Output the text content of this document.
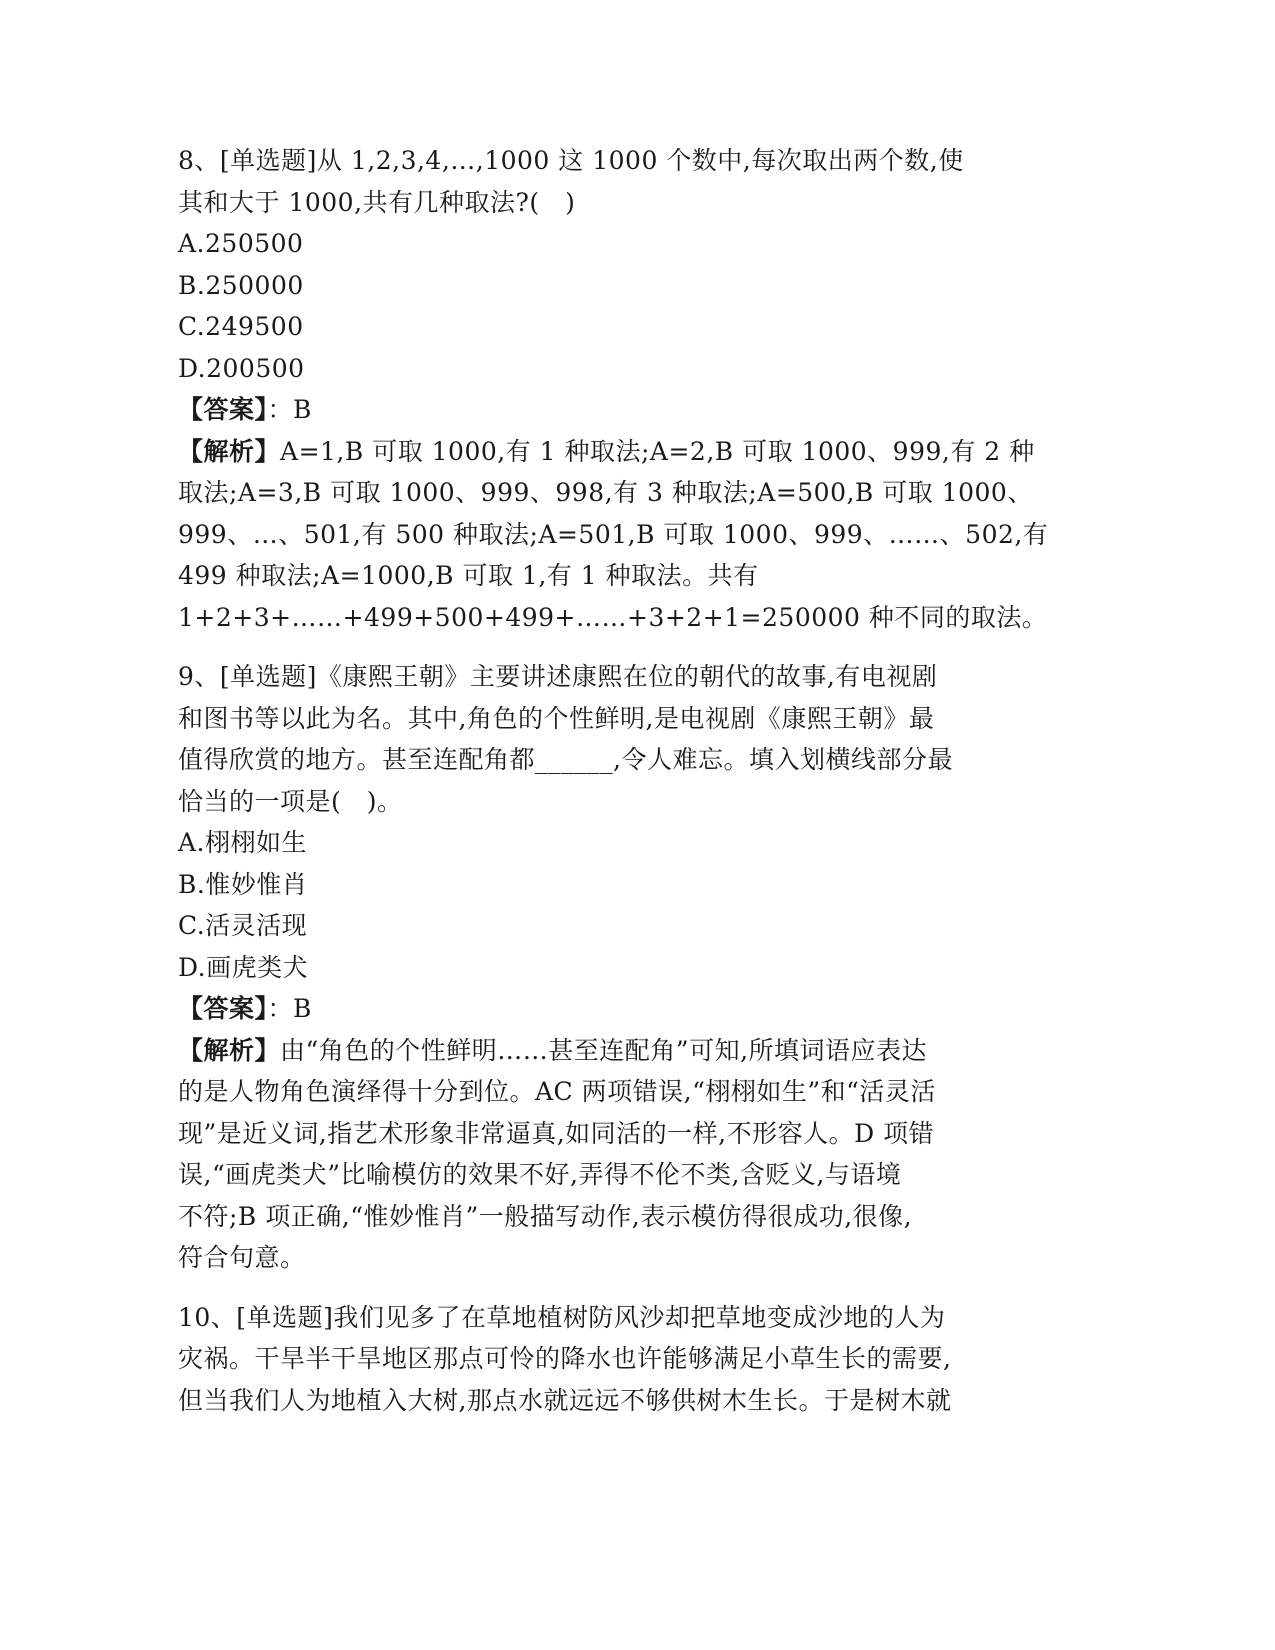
8、[单选题]从 1,2,3,4,…,1000 这 1000 个数中,每次取出两个数,使
其和大于 1000,共有几种取法?(　)
A.250500
B.250000
C.249500
D.200500
【答案】：B
【解析】A=1,B 可取 1000,有 1 种取法;A=2,B 可取 1000、999,有 2 种
取法;A=3,B 可取 1000、999、998,有 3 种取法;A=500,B 可取 1000、
999、…、501,有 500 种取法;A=501,B 可取 1000、999、……、502,有
499 种取法;A=1000,B 可取 1,有 1 种取法。共有
1+2+3+……+499+500+499+……+3+2+1=250000 种不同的取法。
9、[单选题]《康熙王朝》主要讲述康熙在位的朝代的故事,有电视剧
和图书等以此为名。其中,角色的个性鲜明,是电视剧《康熙王朝》最
值得欣赏的地方。甚至连配角都______,令人难忘。填入划横线部分最
恰当的一项是(　)。
A.栩栩如生
B.惟妙惟肖
C.活灵活现
D.画虎类犬
【答案】：B
【解析】由“角色的个性鲜明……甚至连配角”可知,所填词语应表达
的是人物角色演绎得十分到位。AC 两项错误,“栩栩如生”和“活灵活
现”是近义词,指艺术形象非常逼真,如同活的一样,不形容人。D 项错
误,“画虎类犬”比喻模仿的效果不好,弄得不伦不类,含贬义,与语境
不符;B 项正确,“惟妙惟肖”一般描写动作,表示模仿得很成功,很像,
符合句意。
10、[单选题]我们见多了在草地植树防风沙却把草地变成沙地的人为
灾祸。干旱半干旱地区那点可怜的降水也许能够满足小草生长的需要,
但当我们人为地植入大树,那点水就远远不够供树木生长。于是树木就
